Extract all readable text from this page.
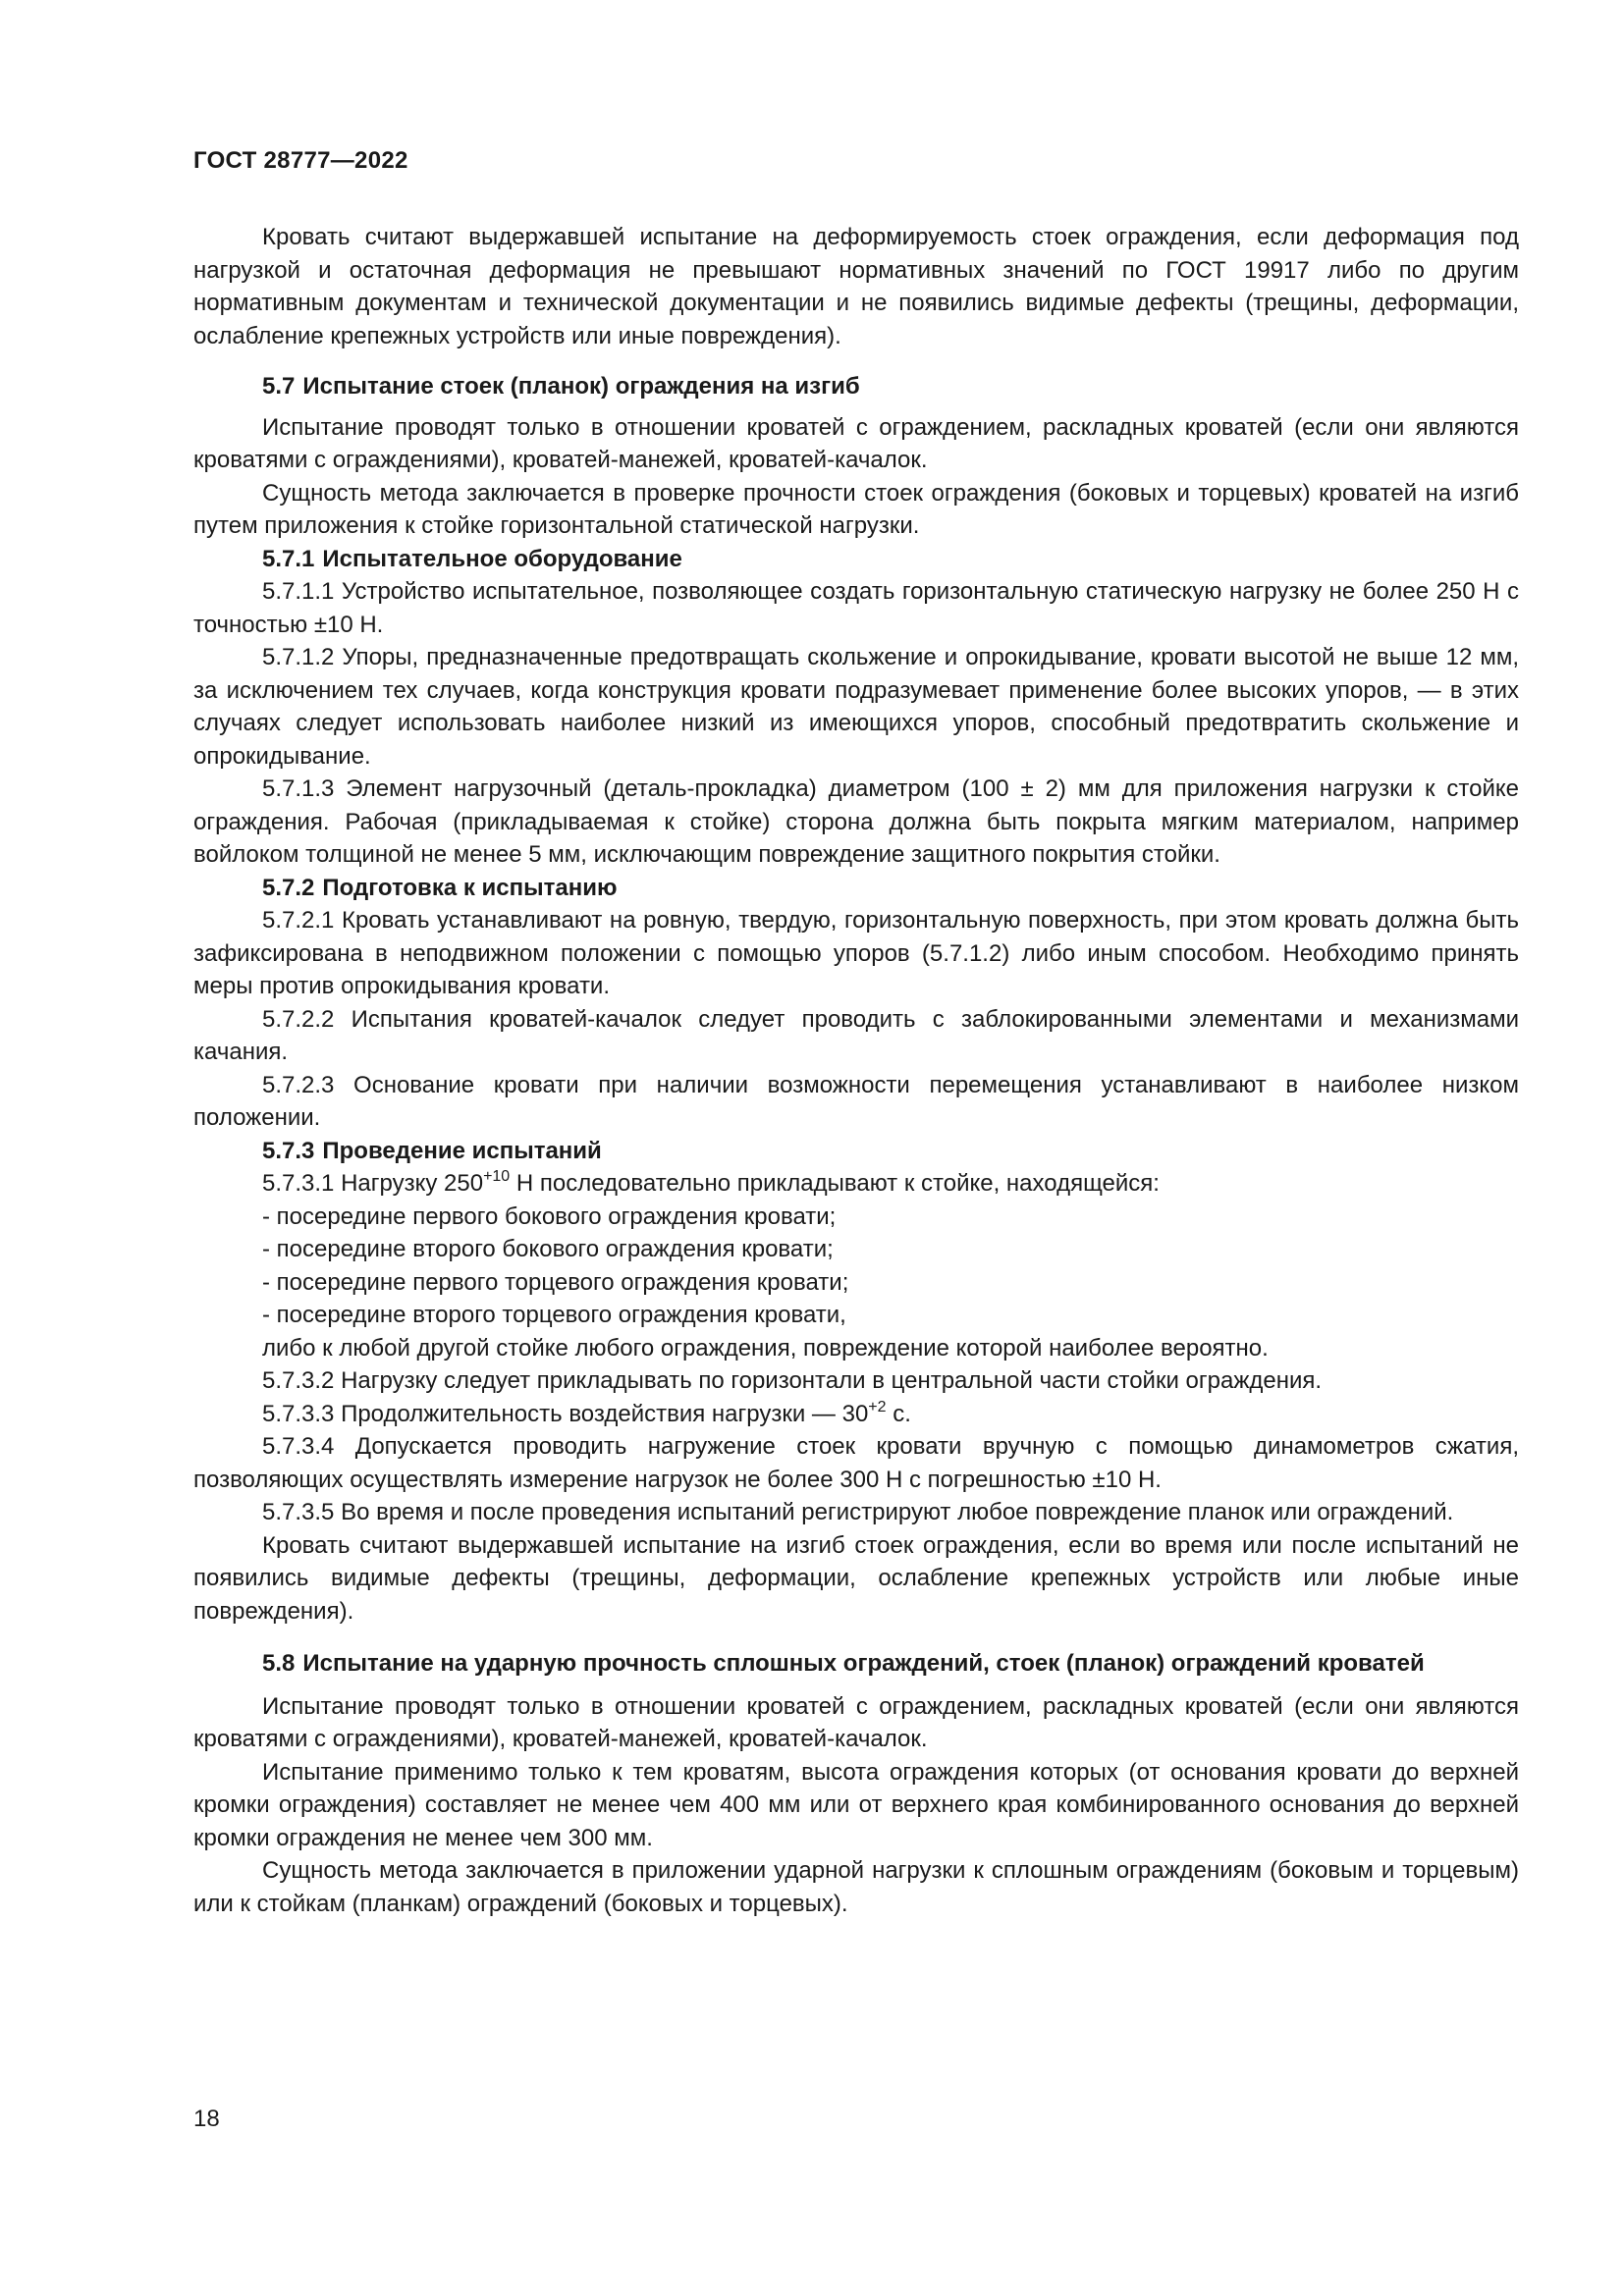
ГОСТ 28777—2022

Кровать считают выдержавшей испытание на деформируемость стоек ограждения, если деформация под нагрузкой и остаточная деформация не превышают нормативных значений по ГОСТ 19917 либо по другим нормативным документам и технической документации и не появились видимые дефекты (трещины, деформации, ослабление крепежных устройств или иные повреждения).

5.7 Испытание стоек (планок) ограждения на изгиб

Испытание проводят только в отношении кроватей с ограждением, раскладных кроватей (если они являются кроватями с ограждениями), кроватей-манежей, кроватей-качалок.

Сущность метода заключается в проверке прочности стоек ограждения (боковых и торцевых) кроватей на изгиб путем приложения к стойке горизонтальной статической нагрузки.

5.7.1 Испытательное оборудование

5.7.1.1 Устройство испытательное, позволяющее создать горизонтальную статическую нагрузку не более 250 Н с точностью ±10 Н.

5.7.1.2 Упоры, предназначенные предотвращать скольжение и опрокидывание, кровати высотой не выше 12 мм, за исключением тех случаев, когда конструкция кровати подразумевает применение более высоких упоров, — в этих случаях следует использовать наиболее низкий из имеющихся упоров, способный предотвратить скольжение и опрокидывание.

5.7.1.3 Элемент нагрузочный (деталь-прокладка) диаметром (100 ± 2) мм для приложения нагрузки к стойке ограждения. Рабочая (прикладываемая к стойке) сторона должна быть покрыта мягким материалом, например войлоком толщиной не менее 5 мм, исключающим повреждение защитного покрытия стойки.

5.7.2 Подготовка к испытанию

5.7.2.1 Кровать устанавливают на ровную, твердую, горизонтальную поверхность, при этом кровать должна быть зафиксирована в неподвижном положении с помощью упоров (5.7.1.2) либо иным способом. Необходимо принять меры против опрокидывания кровати.

5.7.2.2 Испытания кроватей-качалок следует проводить с заблокированными элементами и механизмами качания.

5.7.2.3 Основание кровати при наличии возможности перемещения устанавливают в наиболее низком положении.

5.7.3 Проведение испытаний

5.7.3.1 Нагрузку $250^{+10}$ Н последовательно прикладывают к стойке, находящейся:

- посередине первого бокового ограждения кровати;

- посередине второго бокового ограждения кровати;

- посередине первого торцевого ограждения кровати;

- посередине второго торцевого ограждения кровати,

либо к любой другой стойке любого ограждения, повреждение которой наиболее вероятно.

5.7.3.2 Нагрузку следует прикладывать по горизонтали в центральной части стойки ограждения.

5.7.3.3 Продолжительность воздействия нагрузки — $30^{+2}$ с.

5.7.3.4 Допускается проводить нагружение стоек кровати вручную с помощью динамометров сжатия, позволяющих осуществлять измерение нагрузок не более 300 Н с погрешностью ±10 Н.

5.7.3.5 Во время и после проведения испытаний регистрируют любое повреждение планок или ограждений.

Кровать считают выдержавшей испытание на изгиб стоек ограждения, если во время или после испытаний не появились видимые дефекты (трещины, деформации, ослабление крепежных устройств или любые иные повреждения).

5.8 Испытание на ударную прочность сплошных ограждений, стоек (планок) ограждений кроватей

Испытание проводят только в отношении кроватей с ограждением, раскладных кроватей (если они являются кроватями с ограждениями), кроватей-манежей, кроватей-качалок.

Испытание применимо только к тем кроватям, высота ограждения которых (от основания кровати до верхней кромки ограждения) составляет не менее чем 400 мм или от верхнего края комбинированного основания до верхней кромки ограждения не менее чем 300 мм.

Сущность метода заключается в приложении ударной нагрузки к сплошным ограждениям (боковым и торцевым) или к стойкам (планкам) ограждений (боковых и торцевых).

18
